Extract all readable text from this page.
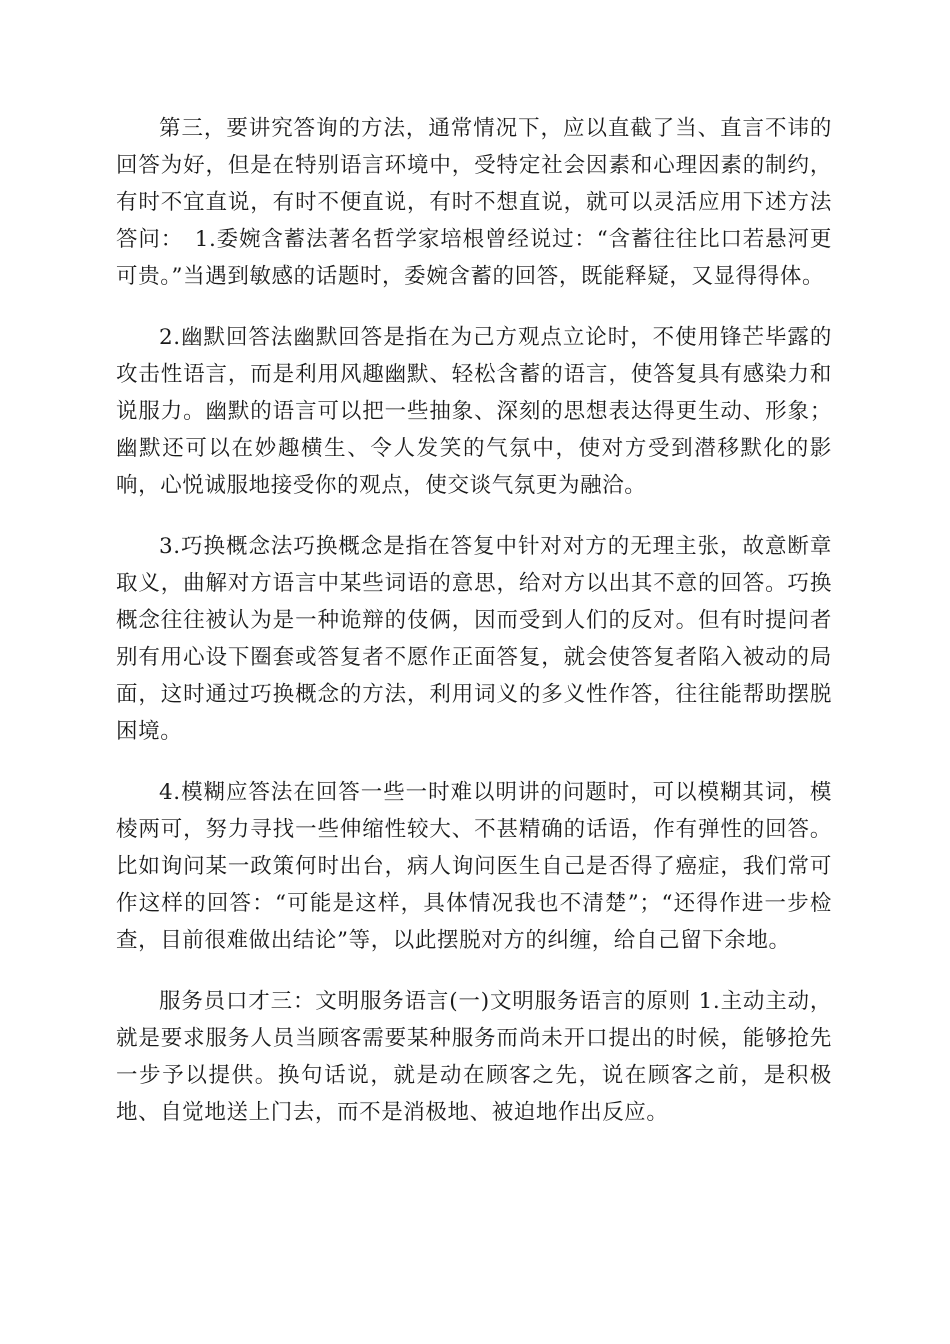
第三，要讲究答询的方法，通常情况下，应以直截了当、直言不讳的回答为好，但是在特别语言环境中，受特定社会因素和心理因素的制约，有时不宜直说，有时不便直说，有时不想直说，就可以灵活应用下述方法答问：　1.委婉含蓄法著名哲学家培根曾经说过：“含蓄往往比口若悬河更可贵。”当遇到敏感的话题时，委婉含蓄的回答，既能释疑，又显得得体。

2.幽默回答法幽默回答是指在为己方观点立论时，不使用锋芒毕露的攻击性语言，而是利用风趣幽默、轻松含蓄的语言，使答复具有感染力和说服力。幽默的语言可以把一些抽象、深刻的思想表达得更生动、形象；幽默还可以在妙趣横生、令人发笑的气氛中，使对方受到潜移默化的影响，心悦诚服地接受你的观点，使交谈气氛更为融洽。

3.巧换概念法巧换概念是指在答复中针对对方的无理主张，故意断章取义，曲解对方语言中某些词语的意思，给对方以出其不意的回答。巧换概念往往被认为是一种诡辩的伎俩，因而受到人们的反对。但有时提问者别有用心设下圈套或答复者不愿作正面答复，就会使答复者陷入被动的局面，这时通过巧换概念的方法，利用词义的多义性作答，往往能帮助摆脱困境。

4.模糊应答法在回答一些一时难以明讲的问题时，可以模糊其词，模棱两可，努力寻找一些伸缩性较大、不甚精确的话语，作有弹性的回答。比如询问某一政策何时出台，病人询问医生自己是否得了癌症，我们常可作这样的回答：“可能是这样，具体情况我也不清楚”；“还得作进一步检查，目前很难做出结论”等，以此摆脱对方的纠缠，给自己留下余地。

服务员口才三：文明服务语言(一)文明服务语言的原则 1.主动主动，就是要求服务人员当顾客需要某种服务而尚未开口提出的时候，能够抢先一步予以提供。换句话说，就是动在顾客之先，说在顾客之前，是积极地、自觉地送上门去，而不是消极地、被迫地作出反应。
